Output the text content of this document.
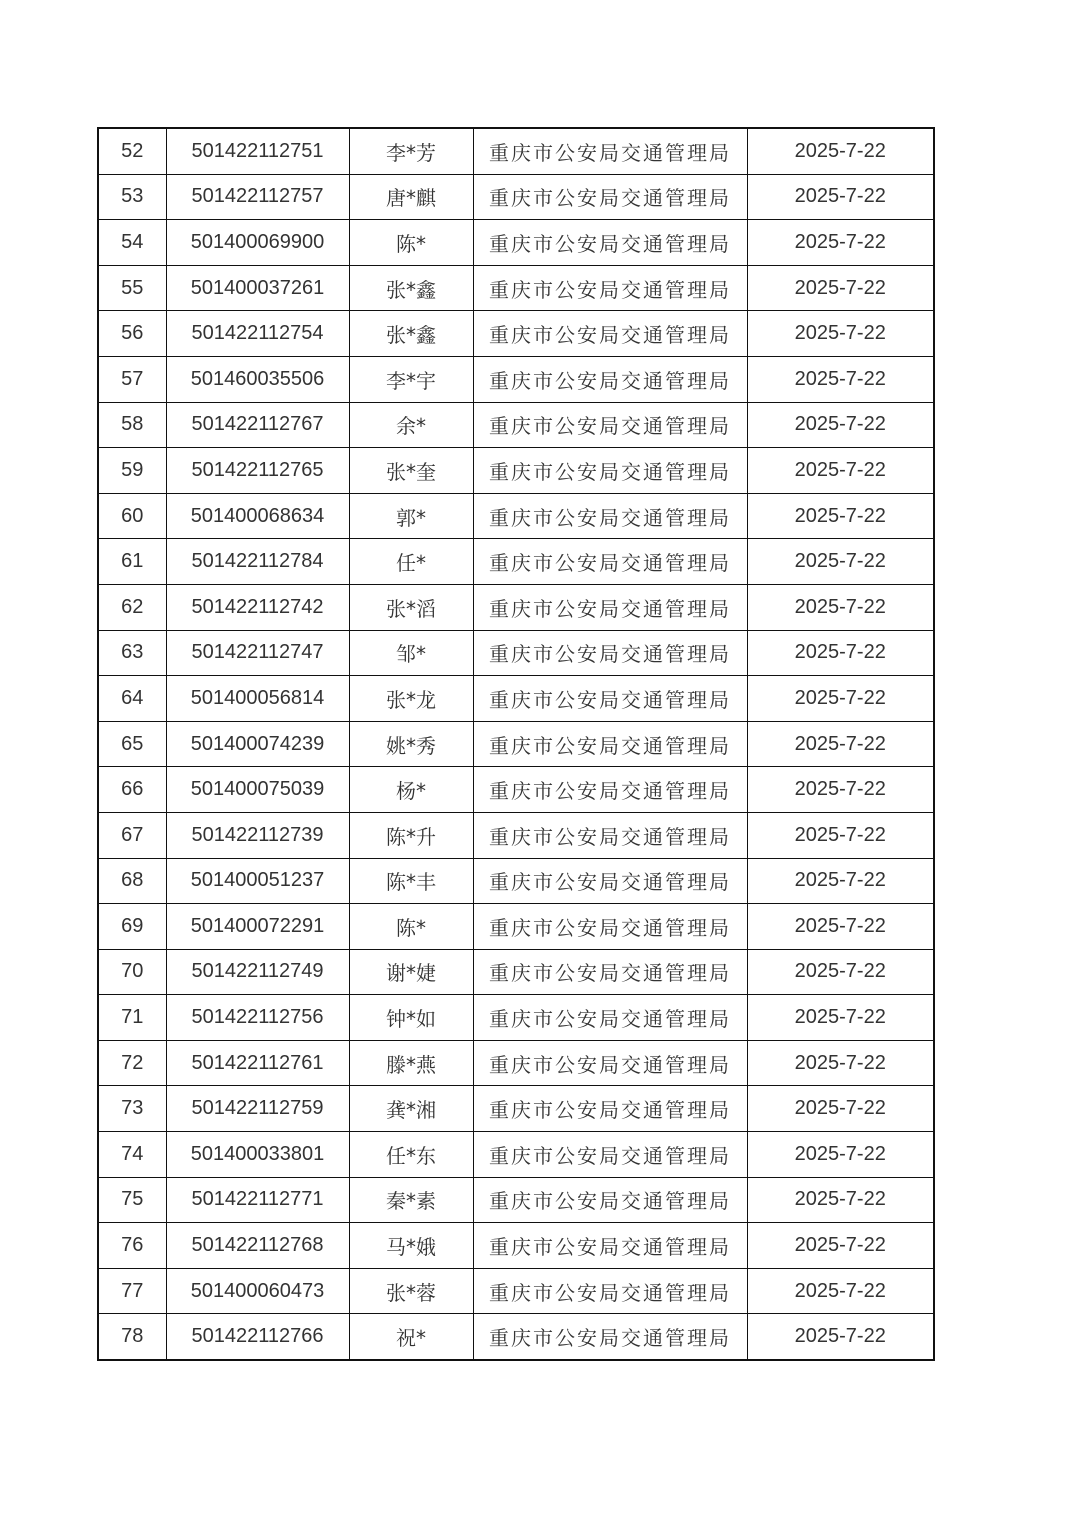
52	501422112751	李*芳	重庆市公安局交通管理局	2025-7-22
53	501422112757	唐*麒	重庆市公安局交通管理局	2025-7-22
54	501400069900	陈*	重庆市公安局交通管理局	2025-7-22
55	501400037261	张*鑫	重庆市公安局交通管理局	2025-7-22
56	501422112754	张*鑫	重庆市公安局交通管理局	2025-7-22
57	501460035506	李*宇	重庆市公安局交通管理局	2025-7-22
58	501422112767	余*	重庆市公安局交通管理局	2025-7-22
59	501422112765	张*奎	重庆市公安局交通管理局	2025-7-22
60	501400068634	郭*	重庆市公安局交通管理局	2025-7-22
61	501422112784	任*	重庆市公安局交通管理局	2025-7-22
62	501422112742	张*滔	重庆市公安局交通管理局	2025-7-22
63	501422112747	邹*	重庆市公安局交通管理局	2025-7-22
64	501400056814	张*龙	重庆市公安局交通管理局	2025-7-22
65	501400074239	姚*秀	重庆市公安局交通管理局	2025-7-22
66	501400075039	杨*	重庆市公安局交通管理局	2025-7-22
67	501422112739	陈*升	重庆市公安局交通管理局	2025-7-22
68	501400051237	陈*丰	重庆市公安局交通管理局	2025-7-22
69	501400072291	陈*	重庆市公安局交通管理局	2025-7-22
70	501422112749	谢*婕	重庆市公安局交通管理局	2025-7-22
71	501422112756	钟*如	重庆市公安局交通管理局	2025-7-22
72	501422112761	滕*燕	重庆市公安局交通管理局	2025-7-22
73	501422112759	龚*湘	重庆市公安局交通管理局	2025-7-22
74	501400033801	任*东	重庆市公安局交通管理局	2025-7-22
75	501422112771	秦*素	重庆市公安局交通管理局	2025-7-22
76	501422112768	马*娥	重庆市公安局交通管理局	2025-7-22
77	501400060473	张*蓉	重庆市公安局交通管理局	2025-7-22
78	501422112766	祝*	重庆市公安局交通管理局	2025-7-22
